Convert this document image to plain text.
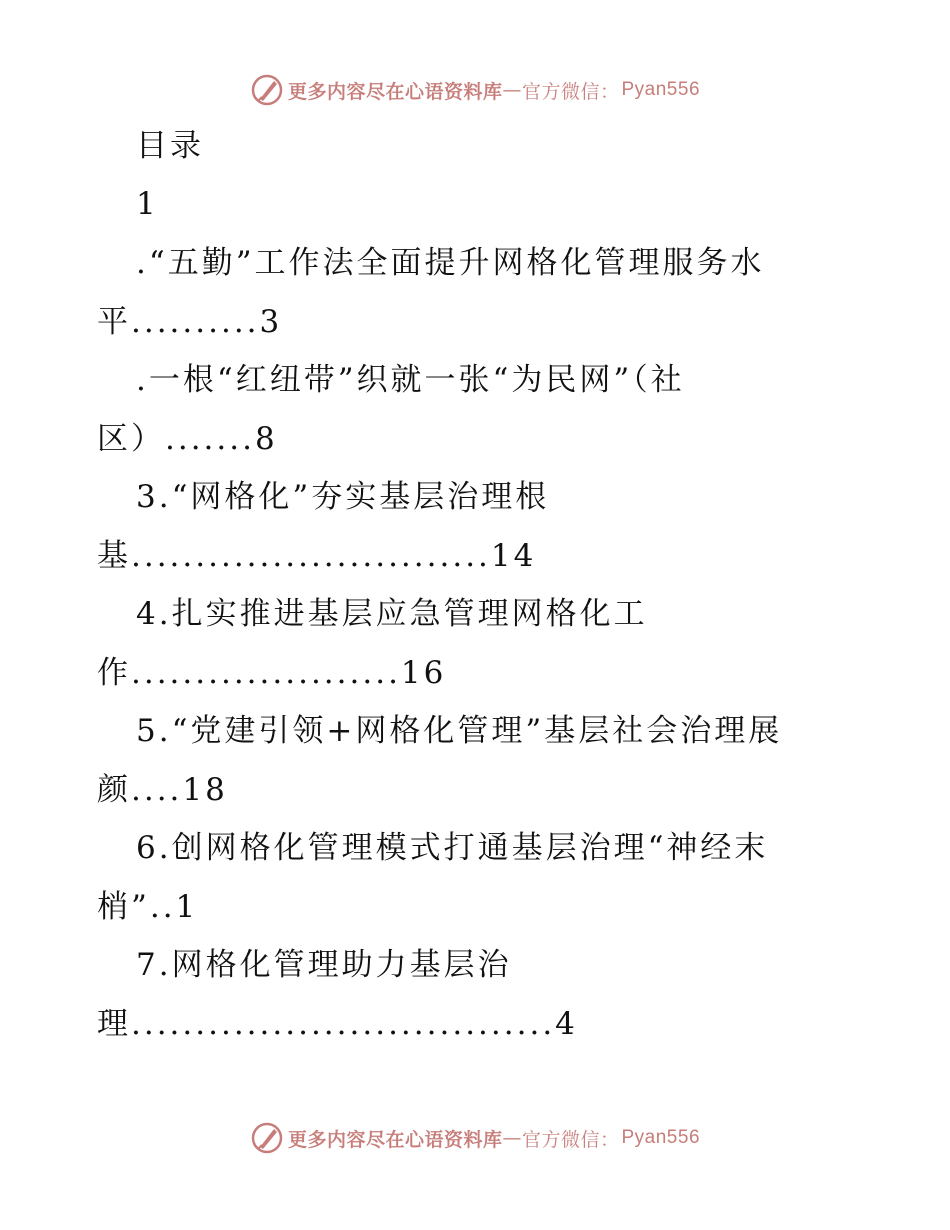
更多内容尽在心语资料库 — 官方微信： Pyan556
目录
1
.“五勤”工作法全面提升网格化管理服务水
平..........3
.一根“红纽带”织就一张“为民网”（社
区）.......8
3.“网格化”夯实基层治理根
基............................14
4.扎实推进基层应急管理网格化工
作.....................16
5.“党建引领+网格化管理”基层社会治理展
颜....18
6.创网格化管理模式打通基层治理“神经末
梢”..1
7.网格化管理助力基层治
理.................................4
更多内容尽在心语资料库 — 官方微信： Pyan556
